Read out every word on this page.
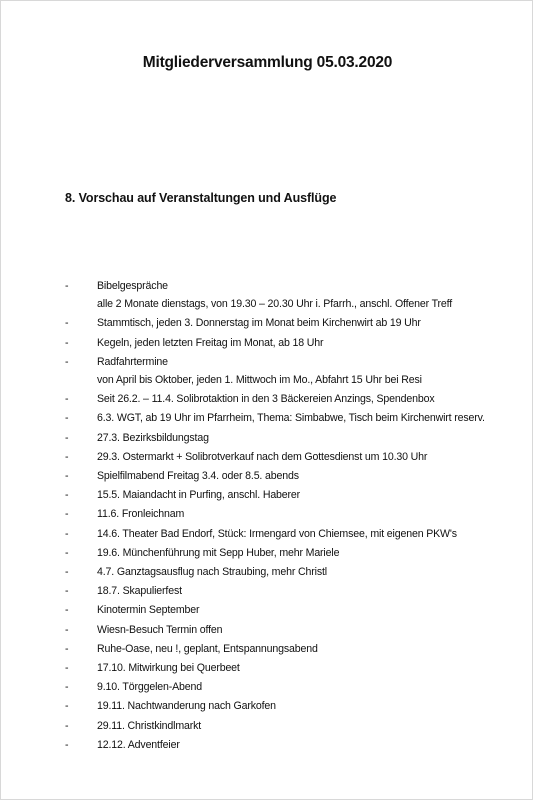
Mitgliederversammlung 05.03.2020
8. Vorschau auf Veranstaltungen und Ausflüge
-	Bibelgespräche
alle 2 Monate dienstags, von 19.30 – 20.30 Uhr i. Pfarrh., anschl. Offener Treff
-	Stammtisch, jeden 3. Donnerstag im Monat beim Kirchenwirt ab 19 Uhr
-	Kegeln, jeden letzten Freitag im Monat, ab 18 Uhr
-	Radfahrtermine
von April bis Oktober, jeden 1. Mittwoch im Mo., Abfahrt 15 Uhr bei Resi
-	Seit 26.2. – 11.4. Solibrotaktion in den 3 Bäckereien Anzings, Spendenbox
-	6.3. WGT, ab 19 Uhr im Pfarrheim, Thema: Simbabwe, Tisch beim Kirchenwirt reserv.
-	27.3. Bezirksbildungstag
-	29.3. Ostermarkt + Solibrotverkauf nach dem Gottesdienst um 10.30 Uhr
-	Spielfilmabend Freitag 3.4. oder 8.5. abends
-	15.5. Maiandacht in Purfing, anschl. Haberer
-	11.6. Fronleichnam
-	14.6. Theater Bad Endorf, Stück: Irmengard von Chiemsee, mit eigenen PKW's
-	19.6. Münchenführung mit Sepp Huber, mehr Mariele
-	4.7. Ganztagsausflug nach Straubing, mehr Christl
-	18.7. Skapulierfest
-	Kinotermin September
-	Wiesn-Besuch Termin offen
-	Ruhe-Oase, neu !, geplant, Entspannungsabend
-	17.10. Mitwirkung bei Querbeet
-	9.10. Törggelen-Abend
-	19.11. Nachtwanderung nach Garkofen
-	29.11. Christkindlmarkt
-	12.12. Adventfeier
